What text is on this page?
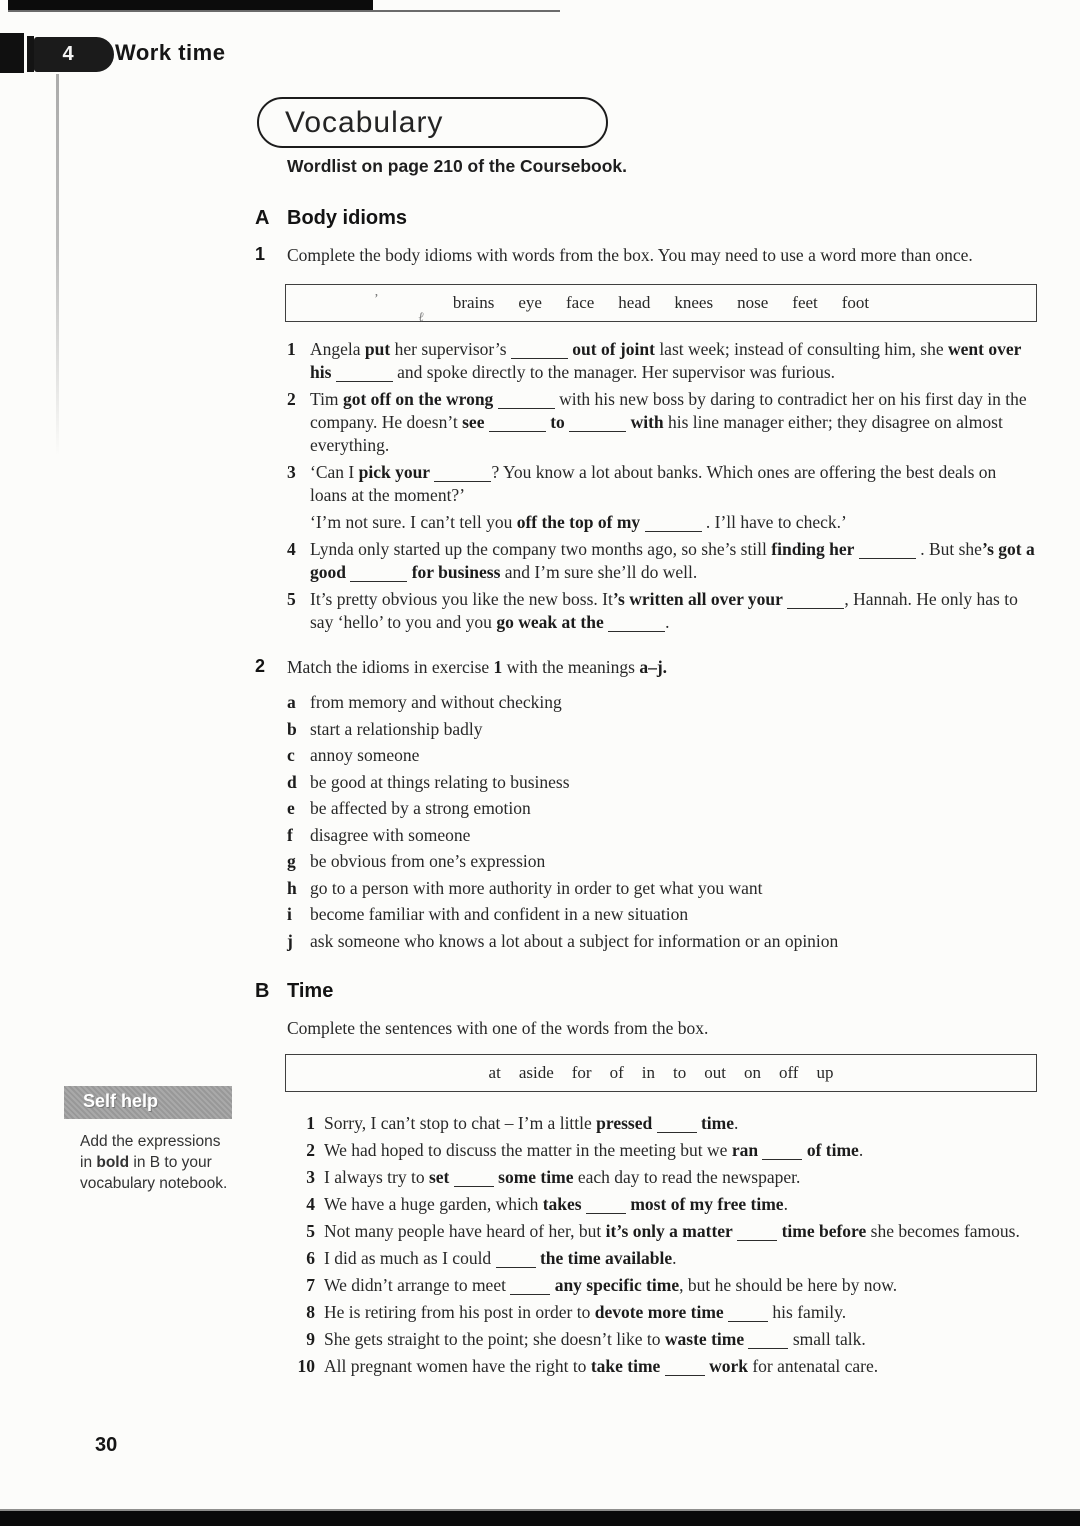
4 Work time
Vocabulary
Wordlist on page 210 of the Coursebook.
A Body idioms
1	Complete the body idioms with words from the box. You may need to use a word more than once.
’
ℓ
brains eye face head knees nose feet foot
1 Angela put her supervisor’s	out of joint last week; instead of consulting him, she went over his	and spoke directly to the manager. Her supervisor was furious.

2 Tim got off on the wrong	with his new boss by daring to contradict her on his first day in the company. He doesn’t see	to	with his line manager either; they disagree on almost everything.

3 ‘Can I pick your	? You know a lot about banks. Which ones are offering the best deals on loans at the moment?’

‘I’m not sure. I can’t tell you off the top of my	. I’ll have to check.’

4 Lynda only started up the company two months ago, so she’s still finding her	. But she’s got a good	for business and I’m sure she’ll do well.

5 It’s pretty obvious you like the new boss. It’s written all over your	, Hannah. He only has to say ‘hello’ to you and you go weak at the	.

2	Match the idioms in exercise 1 with the meanings a–j.
a from memory and without checking
b start a relationship badly
c annoy someone
d be good at things relating to business
e be affected by a strong emotion
f disagree with someone
g be obvious from one’s expression
h go to a person with more authority in order to get what you want
i	become familiar with and confident in a new situation
j ask someone who knows a lot about a subject for information or an opinion
B Time
Complete the sentences with one of the words from the box.
at aside for of in to out on off up
1 Sorry, I can’t stop to chat – I’m a little pressed	time.

2 We had hoped to discuss the matter in the meeting but we ran	of time.

3 I always try to set	some time each day to read the newspaper.

4 We have a huge garden, which takes	most of my free time.

5 Not many people have heard of her, but it’s only a matter	time before she becomes famous.

6 I did as much as I could	the time available.

7 We didn’t arrange to meet	any specific time, but he should be here by now.

8 He is retiring from his post in order to devote more time	his family.

9 She gets straight to the point; she doesn’t like to waste time	small talk.

10 All pregnant women have the right to take time	work for antenatal care.

Self help
Add the expressions in bold in B to your vocabulary notebook.
30
